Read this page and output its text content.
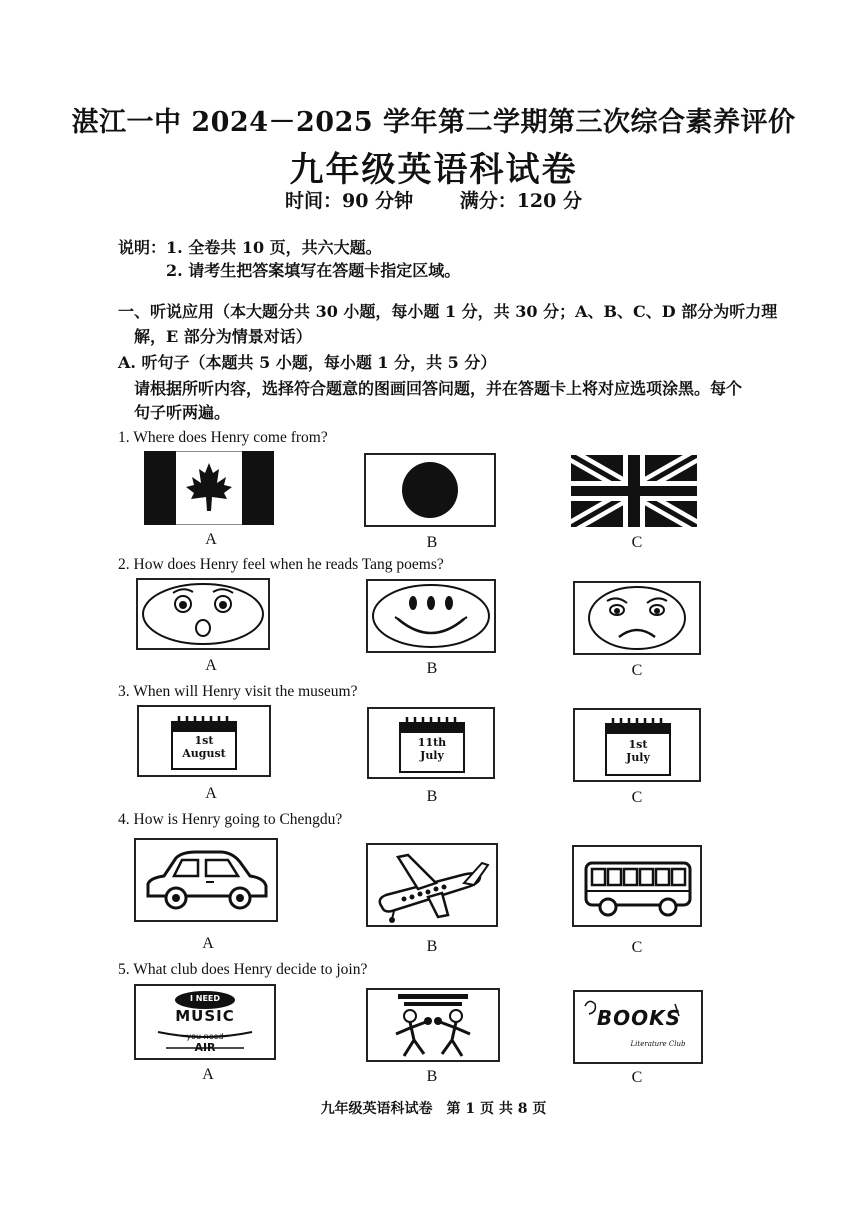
湛江一中 2024－2025 学年第二学期第三次综合素养评价
九年级英语科试卷
时间：90 分钟 满分：120 分
说明：1. 全卷共 10 页，共六大题。
2. 请考生把答案填写在答题卡指定区域。
一、听说应用（本大题分共 30 小题，每小题 1 分，共 30 分；A、B、C、D 部分为听力理
解，E 部分为情景对话）
A. 听句子（本题共 5 小题，每小题 1 分，共 5 分）
请根据所听内容，选择符合题意的图画回答问题，并在答题卡上将对应选项涂黑。每个
句子听两遍。
1. Where does Henry come from?
A	B	C
2. How does Henry feel when he reads Tang poems?
A	B	C
3. When will Henry visit the museum?
1st
August
11th
July
1st
July
A	B	C
4. How is Henry going to Chengdu?
A	B	C
5. What club does Henry decide to join?
I NEED
MUSIC
you need
AIR
BOOKS
Literature Club
A	B	C
九年级英语科试卷　第 1 页 共 8 页
